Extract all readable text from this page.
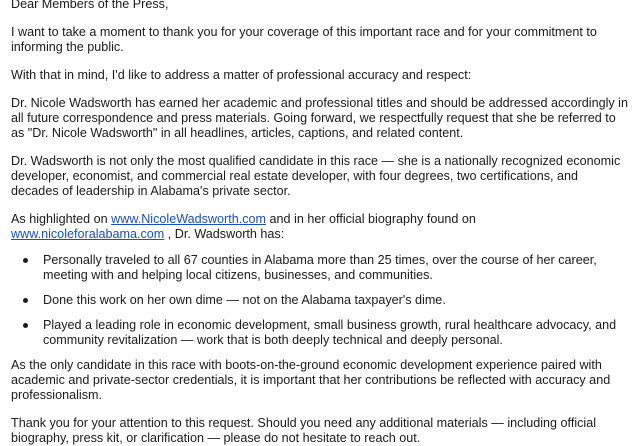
Dear Members of the Press,

I want to take a moment to thank you for your coverage of this important race and for your commitment to informing the public.

With that in mind, I'd like to address a matter of professional accuracy and respect:

Dr. Nicole Wadsworth has earned her academic and professional titles and should be addressed accordingly in all future correspondence and press materials. Going forward, we respectfully request that she be referred to as "Dr. Nicole Wadsworth" in all headlines, articles, captions, and related content.

Dr. Wadsworth is not only the most qualified candidate in this race — she is a nationally recognized economic developer, economist, and commercial real estate developer, with four degrees, two certifications, and decades of leadership in Alabama's private sector.

As highlighted on www.NicoleWadsworth.com and in her official biography found on www.nicoleforalabama.com , Dr. Wadsworth has:

Personally traveled to all 67 counties in Alabama more than 25 times, over the course of her career, meeting with and helping local citizens, businesses, and communities.
Done this work on her own dime — not on the Alabama taxpayer's dime.
Played a leading role in economic development, small business growth, rural healthcare advocacy, and community revitalization — work that is both deeply technical and deeply personal.

As the only candidate in this race with boots-on-the-ground economic development experience paired with academic and private-sector credentials, it is important that her contributions be reflected with accuracy and professionalism.

Thank you for your attention to this request. Should you need any additional materials — including official biography, press kit, or clarification — please do not hesitate to reach out.
